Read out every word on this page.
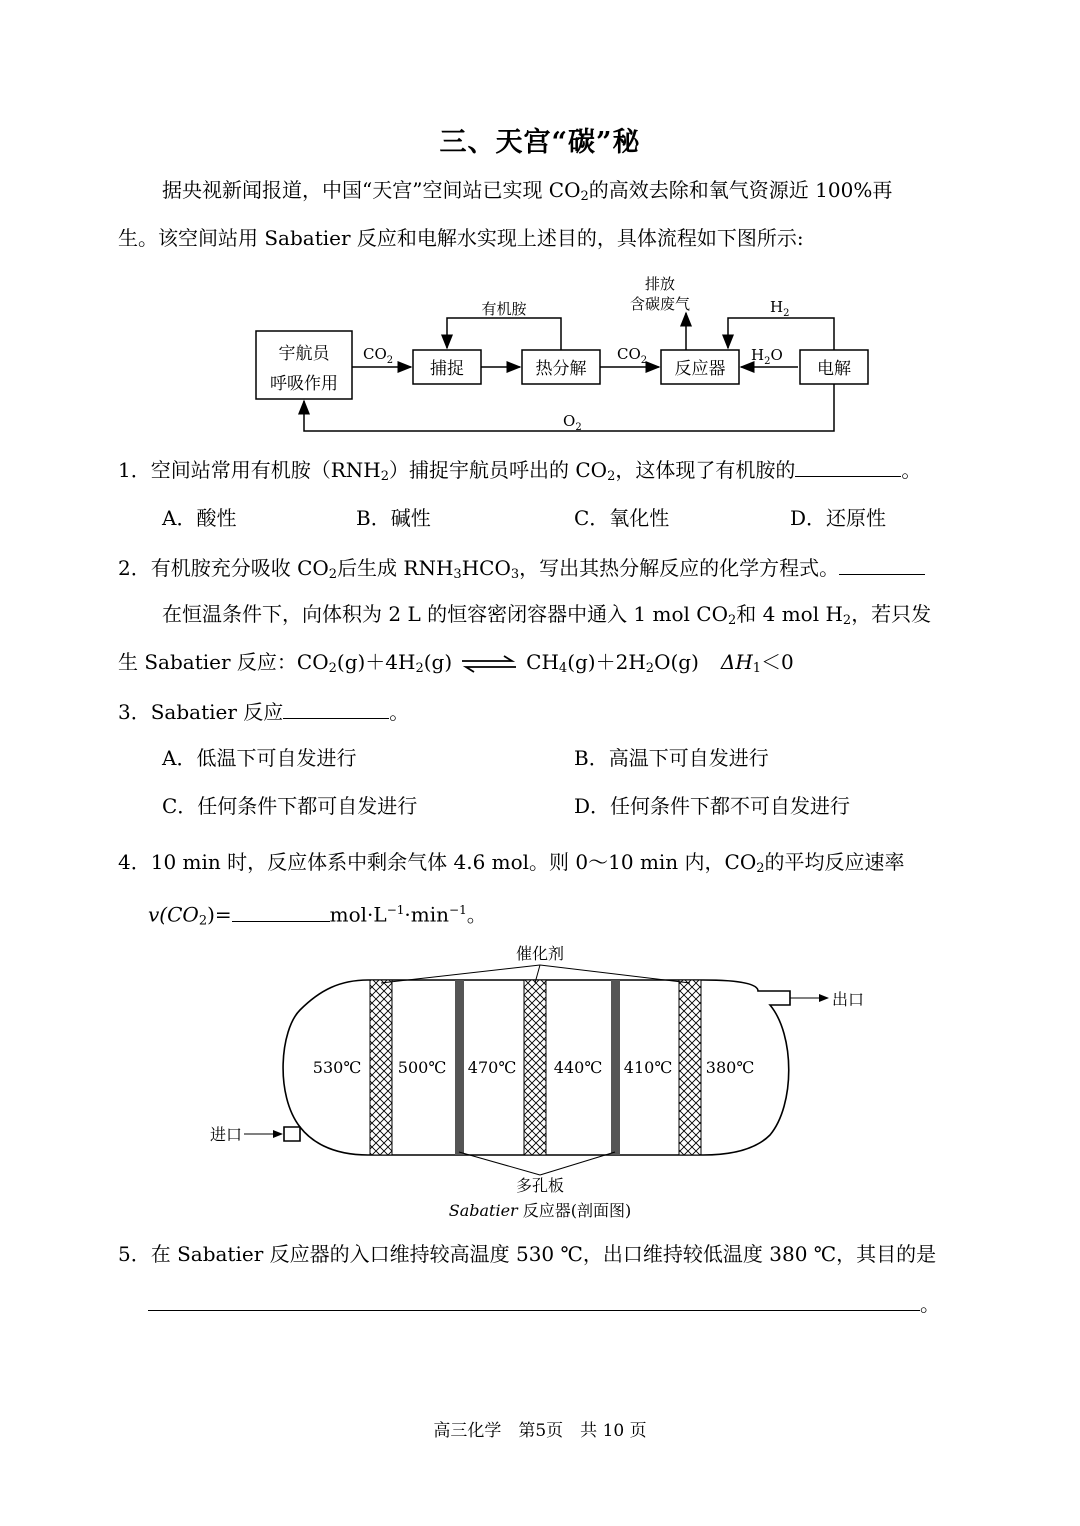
三、天宫“碳”秘
据央视新闻报道，中国“天宫”空间站已实现 $CO_2$的高效去除和氧气资源近 100%再
生。该空间站用 Sabatier 反应和电解水实现上述目的，具体流程如下图所示:
宇航员
呼吸作用
捕捉	热分解	反应器	电解
有机胺
排放
含碳废气
$CO_2$	$CO_2$	$H_2O$
$H_2$
$O_2$
1．空间站常用有机胺$(RNH_2)$捕捉宇航员呼出的 $CO_2$，这体现了有机胺的	。
A．酸性	B．碱性	C．氧化性	D．还原性
2．有机胺充分吸收 $CO_2$后生成 $RNH_3HCO_3$，写出其热分解反应的化学方程式。
在恒温条件下，向体积为 2 L 的恒容密闭容器中通入 1 mol $CO_2$和 4 mol $H_2$，若只发
生 Sabatier 反应：$CO_2(g)+4H_2(g)$ ⇌ $CH_4(g)+2H_2O(g)$ $\Delta H_1<0$
3．Sabatier 反应	。
A．低温下可自发进行	B．高温下可自发进行
C．任何条件下都可自发进行	D．任何条件下都不可自发进行
4．10 min 时，反应体系中剩余气体 4.6 mol。则 0～10 min 内，$CO_2$的平均反应速率
$v(CO_2)=$	$mol\cdot L^{-1}\cdot\min^{-1}$。
催化剂
出口
进口
多孔板
Sabatier 反应器(剖面图)
530℃ 500℃ 470℃ 440℃ 410℃ 380℃
5．在 Sabatier 反应器的入口维持较高温度 530 ℃，出口维持较低温度 380 ℃，其目的是
。
高三化学　第5页　共 10 页
